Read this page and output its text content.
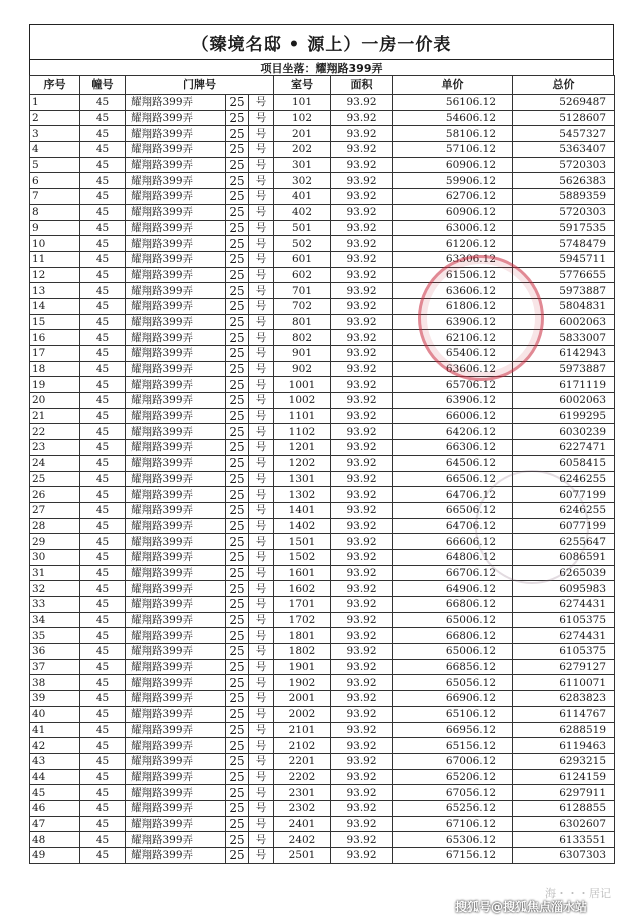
（臻境名邸 • 源上）一房一价表
项目坐落：耀翔路399弄
序号	幢号	门牌号			室号	面积	单价	总价
1	45	耀翔路399弄	25	号	101	93.92	56106.12	5269487
2	45	耀翔路399弄	25	号	102	93.92	54606.12	5128607
3	45	耀翔路399弄	25	号	201	93.92	58106.12	5457327
4	45	耀翔路399弄	25	号	202	93.92	57106.12	5363407
5	45	耀翔路399弄	25	号	301	93.92	60906.12	5720303
6	45	耀翔路399弄	25	号	302	93.92	59906.12	5626383
7	45	耀翔路399弄	25	号	401	93.92	62706.12	5889359
8	45	耀翔路399弄	25	号	402	93.92	60906.12	5720303
9	45	耀翔路399弄	25	号	501	93.92	63006.12	5917535
10	45	耀翔路399弄	25	号	502	93.92	61206.12	5748479
11	45	耀翔路399弄	25	号	601	93.92	63306.12	5945711
12	45	耀翔路399弄	25	号	602	93.92	61506.12	5776655
13	45	耀翔路399弄	25	号	701	93.92	63606.12	5973887
14	45	耀翔路399弄	25	号	702	93.92	61806.12	5804831
15	45	耀翔路399弄	25	号	801	93.92	63906.12	6002063
16	45	耀翔路399弄	25	号	802	93.92	62106.12	5833007
17	45	耀翔路399弄	25	号	901	93.92	65406.12	6142943
18	45	耀翔路399弄	25	号	902	93.92	63606.12	5973887
19	45	耀翔路399弄	25	号	1001	93.92	65706.12	6171119
20	45	耀翔路399弄	25	号	1002	93.92	63906.12	6002063
21	45	耀翔路399弄	25	号	1101	93.92	66006.12	6199295
22	45	耀翔路399弄	25	号	1102	93.92	64206.12	6030239
23	45	耀翔路399弄	25	号	1201	93.92	66306.12	6227471
24	45	耀翔路399弄	25	号	1202	93.92	64506.12	6058415
25	45	耀翔路399弄	25	号	1301	93.92	66506.12	6246255
26	45	耀翔路399弄	25	号	1302	93.92	64706.12	6077199
27	45	耀翔路399弄	25	号	1401	93.92	66506.12	6246255
28	45	耀翔路399弄	25	号	1402	93.92	64706.12	6077199
29	45	耀翔路399弄	25	号	1501	93.92	66606.12	6255647
30	45	耀翔路399弄	25	号	1502	93.92	64806.12	6086591
31	45	耀翔路399弄	25	号	1601	93.92	66706.12	6265039
32	45	耀翔路399弄	25	号	1602	93.92	64906.12	6095983
33	45	耀翔路399弄	25	号	1701	93.92	66806.12	6274431
34	45	耀翔路399弄	25	号	1702	93.92	65006.12	6105375
35	45	耀翔路399弄	25	号	1801	93.92	66806.12	6274431
36	45	耀翔路399弄	25	号	1802	93.92	65006.12	6105375
37	45	耀翔路399弄	25	号	1901	93.92	66856.12	6279127
38	45	耀翔路399弄	25	号	1902	93.92	65056.12	6110071
39	45	耀翔路399弄	25	号	2001	93.92	66906.12	6283823
40	45	耀翔路399弄	25	号	2002	93.92	65106.12	6114767
41	45	耀翔路399弄	25	号	2101	93.92	66956.12	6288519
42	45	耀翔路399弄	25	号	2102	93.92	65156.12	6119463
43	45	耀翔路399弄	25	号	2201	93.92	67006.12	6293215
44	45	耀翔路399弄	25	号	2202	93.92	65206.12	6124159
45	45	耀翔路399弄	25	号	2301	93.92	67056.12	6297911
46	45	耀翔路399弄	25	号	2302	93.92	65256.12	6128855
47	45	耀翔路399弄	25	号	2401	93.92	67106.12	6302607
48	45	耀翔路399弄	25	号	2402	93.92	65306.12	6133551
49	45	耀翔路399弄	25	号	2501	93.92	67156.12	6307303
海・・・居记
搜狐号@搜狐焦点淄水站
